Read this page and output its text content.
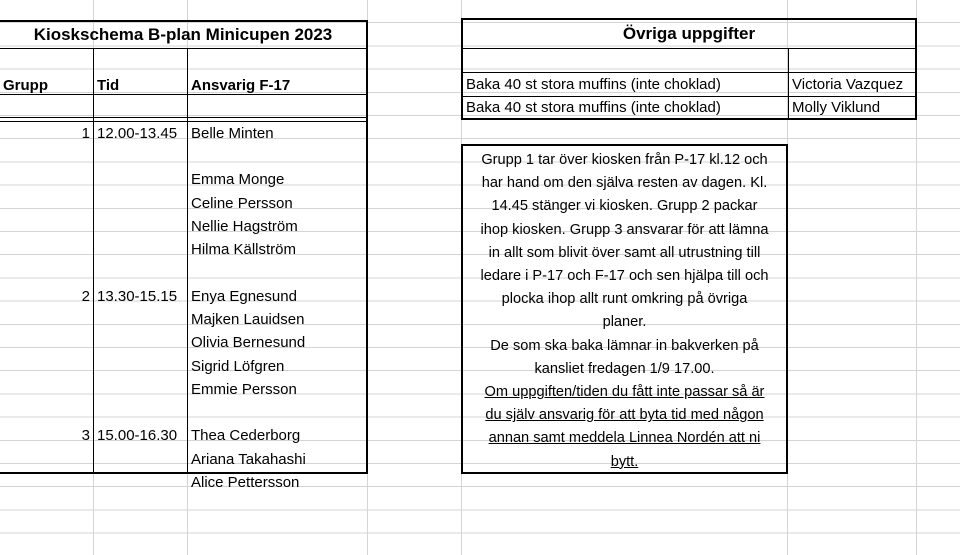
Kioskschema B-plan Minicupen 2023
Grupp	Tid	Ansvarig F-17
1 12.00-13.45 Belle Minten
Emma Monge
Celine Persson
Nellie Hagström
Hilma Källström
2 13.30-15.15 Enya Egnesund
Majken Lauidsen
Olivia Bernesund
Sigrid Löfgren
Emmie Persson
3 15.00-16.30 Thea Cederborg
Ariana Takahashi
Alice Pettersson
Övriga uppgifter
Baka 40 st stora muffins (inte choklad)	Victoria Vazquez
Baka 40 st stora muffins (inte choklad)	Molly Viklund
Grupp 1 tar över kiosken från P-17 kl.12 och
har hand om den själva resten av dagen. Kl.
14.45 stänger vi kiosken. Grupp 2 packar
ihop kiosken. Grupp 3 ansvarar för att lämna
in allt som blivit över samt all utrustning till
ledare i P-17 och F-17 och sen hjälpa till och
plocka ihop allt runt omkring på övriga
planer.
De som ska baka lämnar in bakverken på
kansliet fredagen 1/9 17.00.
Om uppgiften/tiden du fått inte passar så är
du själv ansvarig för att byta tid med någon
annan samt meddela Linnea Nordén att ni
bytt.
